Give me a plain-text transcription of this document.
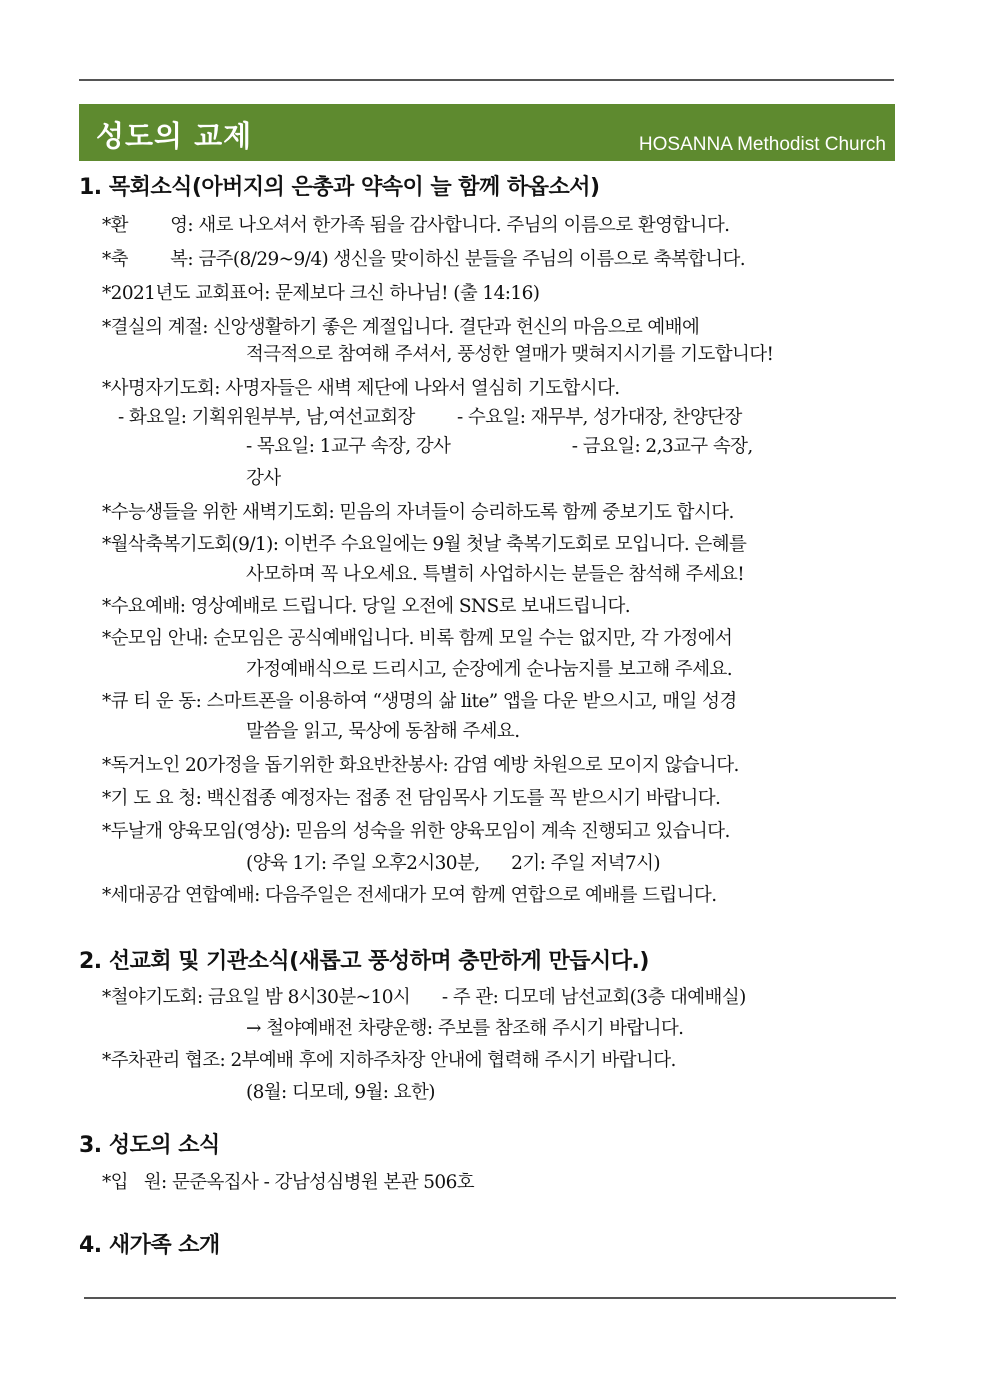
성도의 교제	HOSANNA Methodist Church
1. 목회소식(아버지의 은총과 약속이 늘 함께 하옵소서)
*환        영: 새로 나오셔서 한가족 됨을 감사합니다. 주님의 이름으로 환영합니다.
*축        복: 금주(8/29~9/4) 생신을 맞이하신 분들을 주님의 이름으로 축복합니다.
*2021년도 교회표어: 문제보다 크신 하나님! (출 14:16)
*결실의 계절: 신앙생활하기 좋은 계절입니다. 결단과 헌신의 마음으로 예배에
적극적으로 참여해 주셔서, 풍성한 열매가 맺혀지시기를 기도합니다!
*사명자기도회: 사명자들은 새벽 제단에 나와서 열심히 기도합시다.
- 화요일: 기획위원부부, 남,여선교회장        - 수요일: 재무부, 성가대장, 찬양단장
- 목요일: 1교구 속장, 강사                       - 금요일: 2,3교구 속장,
강사
*수능생들을 위한 새벽기도회: 믿음의 자녀들이 승리하도록 함께 중보기도 합시다.
*월삭축복기도회(9/1): 이번주 수요일에는 9월 첫날 축복기도회로 모입니다. 은혜를
사모하며 꼭 나오세요. 특별히 사업하시는 분들은 참석해 주세요!
*수요예배: 영상예배로 드립니다. 당일 오전에 SNS로 보내드립니다.
*순모임 안내: 순모임은 공식예배입니다. 비록 함께 모일 수는 없지만, 각 가정에서
가정예배식으로 드리시고, 순장에게 순나눔지를 보고해 주세요.
*큐 티 운 동: 스마트폰을 이용하여 “생명의 삶 lite” 앱을 다운 받으시고, 매일 성경
말씀을 읽고, 묵상에 동참해 주세요.
*독거노인 20가정을 돕기위한 화요반찬봉사: 감염 예방 차원으로 모이지 않습니다.
*기 도 요 청: 백신접종 예정자는 접종 전 담임목사 기도를 꼭 받으시기 바랍니다.
*두날개 양육모임(영상): 믿음의 성숙을 위한 양육모임이 계속 진행되고 있습니다.
(양육 1기: 주일 오후2시30분,      2기: 주일 저녁7시)
*세대공감 연합예배: 다음주일은 전세대가 모여 함께 연합으로 예배를 드립니다.
2. 선교회 및 기관소식(새롭고 풍성하며 충만하게 만듭시다.)
*철야기도회: 금요일 밤 8시30분~10시      - 주 관: 디모데 남선교회(3층 대예배실)
→ 철야예배전 차량운행: 주보를 참조해 주시기 바랍니다.
*주차관리 협조: 2부예배 후에 지하주차장 안내에 협력해 주시기 바랍니다.
(8월: 디모데, 9월: 요한)
3. 성도의 소식
*입   원: 문준옥집사 - 강남성심병원 본관 506호
4. 새가족 소개
